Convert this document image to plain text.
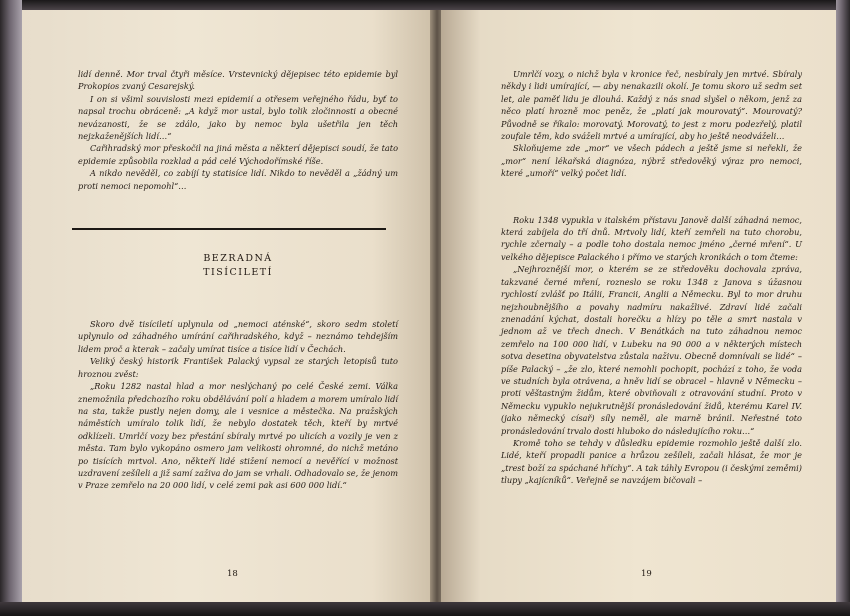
lidí denně. Mor trval čtyři měsíce. Vrstevnický dějepisec této epidemie byl Prokopios zvaný Cesarejský.

I on si všiml souvislosti mezi epidemií a otřesem veřejného řádu, byť to napsal trochu obráceně: „A když mor ustal, bylo tolik zločinnosti a obecné nevázanosti, že se zdálo, jako by nemoc byla ušetřila jen těch nejzkaženějších lidí…“

Cařihradský mor přeskočil na jiná města a některí dějepisci soudí, že tato epidemie způsobila rozklad a pád celé Východořímské říše.

A nikdo nevěděl, co zabíjí ty statisíce lidí. Nikdo to nevěděl a „žádný um proti nemoci nepomohl“…

BEZRADNÁ
TISÍCILETÍ

Skoro dvě tisíciletí uplynula od „nemoci aténské“, skoro sedm století uplynulo od záhadného umírání cařihradského, když – neznámo tehdejším lidem proč a kterak – začaly umírat tisíce a tisíce lidí v Čechách.

Veliký český historik František Palacký vypsal ze starých letopisů tuto hroznou zvěst:

„Roku 1282 nastal hlad a mor neslýchaný po celé České zemi. Válka znemožnila předchozího roku obdělávání polí a hladem a morem umíralo lidí na sta, takže pustly nejen domy, ale i vesnice a městečka. Na pražských náměstích umíralo tolik lidí, že nebylo dostatek těch, kteří by mrtvé odklízeli. Umrlčí vozy bez přestání sbíraly mrtvé po ulicích a vozily je ven z města. Tam bylo vykopáno osmero jam velikosti ohromné, do nichž metáno po tisících mrtvol. Ano, někteří lidé stižení nemocí a nevěřící v možnost uzdravení zešíleli a již samí zaživa do jam se vrhali. Odhadovalo se, že jenom v Praze zemřelo na 20 000 lidí, v celé zemi pak asi 600 000 lidí.“

18

Umrlčí vozy, o nichž byla v kronice řeč, nesbíraly jen mrtvé. Sbíraly někdy i lidi umírající, — aby nenakazili okolí. Je tomu skoro už sedm set let, ale paměť lidu je dlouhá. Každý z nás snad slyšel o někom, jenž za něco platí hrozně moc peněz, že „platí jak mourovatý“. Mourovatý? Původně se říkalo: morovatý. Morovatý, to jest z moru podezřelý, platil zoufale těm, kdo sváželi mrtvé a umírající, aby ho ještě neodváželi…

Skloňujeme zde „mor“ ve všech pádech a ještě jsme si neřekli, že „mor“ není lékařská diagnóza, nýbrž středověký výraz pro nemoci, které „umoří“ velký počet lidí.

Roku 1348 vypukla v italském přístavu Janově další záhadná nemoc, která zabíjela do tří dnů. Mrtvoly lidí, kteří zemřeli na tuto chorobu, rychle zčernaly – a podle toho dostala nemoc jméno „černé mření“. U velkého dějepisce Palackého i přímo ve starých kronikách o tom čteme:

„Nejhroznější mor, o kterém se ze středověku dochovala zpráva, takzvané černé mření, rozneslo se roku 1348 z Janova s úžasnou rychlostí zvlášť po Itálii, Francii, Anglii a Německu. Byl to mor druhu nejzhoubnějšího a povahy nadmíru nakažlivé. Zdraví lidé začali znenadání kýchat, dostali horečku a hlízy po těle a smrt nastala v jednom až ve třech dnech. V Benátkách na tuto záhadnou nemoc zemřelo na 100 000 lidí, v Lubeku na 90 000 a v některých místech sotva desetina obyvatelstva zůstala naživu. Obecně domnívali se lidé“ – píše Palacký – „že zlo, které nemohli pochopit, pochází z toho, že voda ve studních byla otrávena, a hněv lidí se obracel – hlavně v Německu – proti věštastným židům, které obviňovali z otravování studní. Proto v Německu vypuklo nejukrutnější pronásledování židů, kterému Karel IV. (jako německý císař) síly neměl, ale marně bránil. Neřestné toto pronásledování trvalo dosti hluboko do následujícího roku…“

Kromě toho se tehdy v důsledku epidemie rozmohlo ještě další zlo. Lidé, kteří propadli panice a hrůzou zešíleli, začali hlásat, že mor je „trest boží za spáchané hříchy“. A tak táhly Evropou (i českými zeměmi) tlupy „kajícníků“. Veřejně se navzájem bičovali –

19
